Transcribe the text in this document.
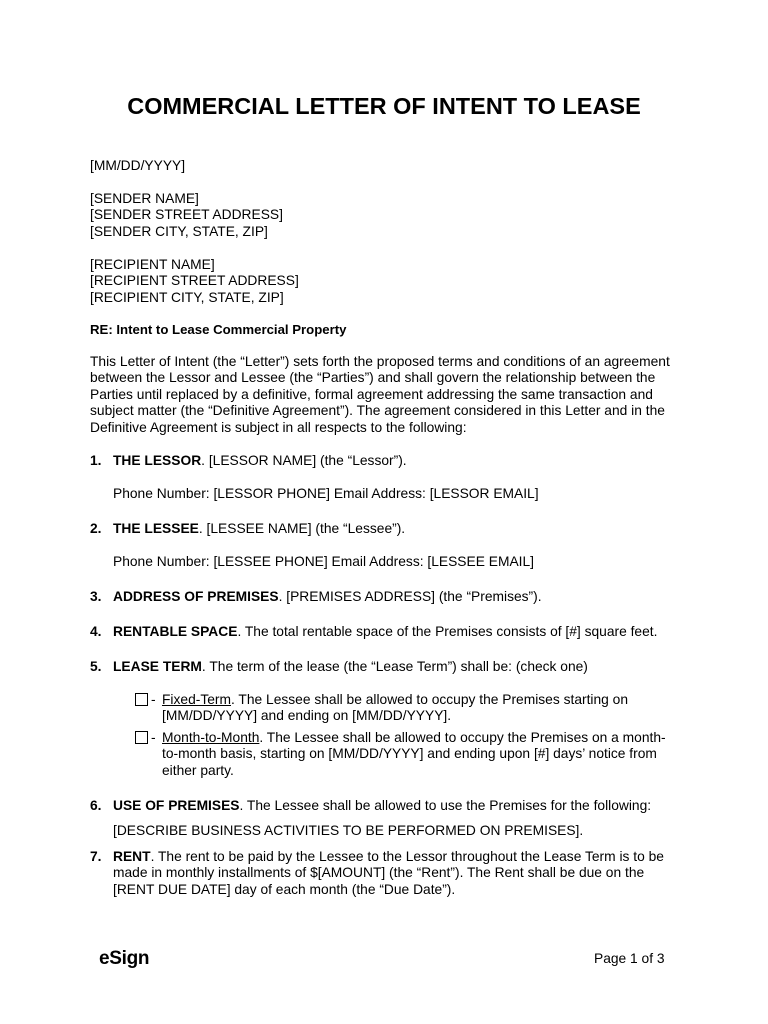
COMMERCIAL LETTER OF INTENT TO LEASE
[MM/DD/YYYY]
[SENDER NAME]
[SENDER STREET ADDRESS]
[SENDER CITY, STATE, ZIP]
[RECIPIENT NAME]
[RECIPIENT STREET ADDRESS]
[RECIPIENT CITY, STATE, ZIP]
RE: Intent to Lease Commercial Property
This Letter of Intent (the “Letter”) sets forth the proposed terms and conditions of an agreement
between the Lessor and Lessee (the “Parties”) and shall govern the relationship between the
Parties until replaced by a definitive, formal agreement addressing the same transaction and
subject matter (the “Definitive Agreement”). The agreement considered in this Letter and in the
Definitive Agreement is subject in all respects to the following:
1. THE LESSOR. [LESSOR NAME] (the “Lessor”).
Phone Number: [LESSOR PHONE] Email Address: [LESSOR EMAIL]
2. THE LESSEE. [LESSEE NAME] (the “Lessee”).
Phone Number: [LESSEE PHONE] Email Address: [LESSEE EMAIL]
3. ADDRESS OF PREMISES. [PREMISES ADDRESS] (the “Premises”).
4. RENTABLE SPACE. The total rentable space of the Premises consists of [#] square feet.
5. LEASE TERM. The term of the lease (the “Lease Term”) shall be: (check one)
- Fixed-Term. The Lessee shall be allowed to occupy the Premises starting on
[MM/DD/YYYY] and ending on [MM/DD/YYYY].
- Month-to-Month. The Lessee shall be allowed to occupy the Premises on a month-
to-month basis, starting on [MM/DD/YYYY] and ending upon [#] days’ notice from
either party.
6. USE OF PREMISES. The Lessee shall be allowed to use the Premises for the following:
[DESCRIBE BUSINESS ACTIVITIES TO BE PERFORMED ON PREMISES].
7. RENT. The rent to be paid by the Lessee to the Lessor throughout the Lease Term is to be
made in monthly installments of $[AMOUNT] (the “Rent”). The Rent shall be due on the
[RENT DUE DATE] day of each month (the “Due Date”).
eSign	Page 1 of 3
